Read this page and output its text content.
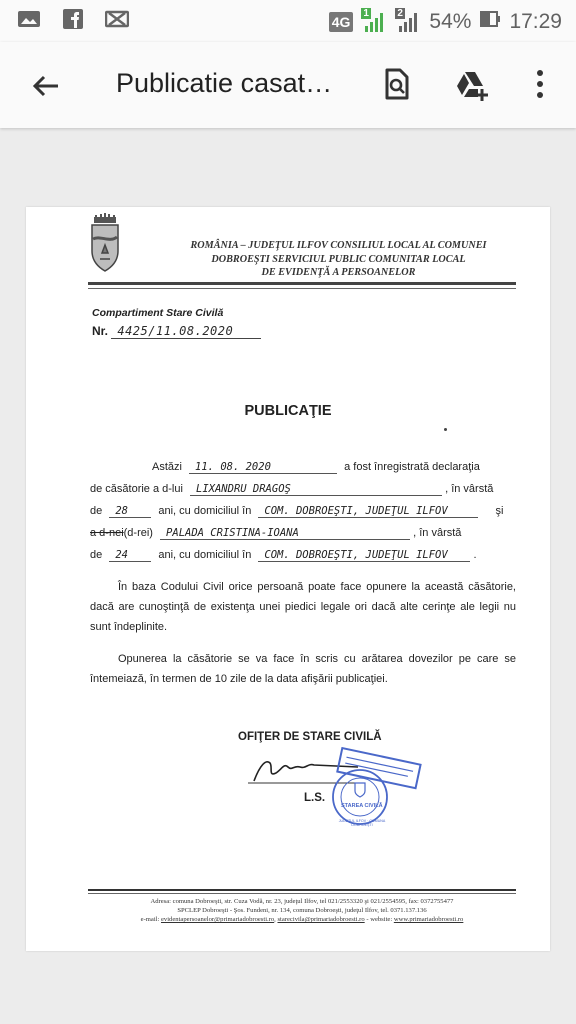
4G
1	2 54% 17:29
Publicatie casat…
ROMÂNIA – JUDEŢUL ILFOV CONSILIUL LOCAL AL COMUNEI
DOBROEŞTI SERVICIUL PUBLIC COMUNITAR LOCAL
DE EVIDENŢĂ A PERSOANELOR
Compartiment Stare Civilă
Nr. 4425/11.08.2020
PUBLICAŢIE
Astăzi 11. 08. 2020	a fost înregistrată declaraţia
de căsătorie a d-lui LIXANDRU DRAGOŞ	, în vârstă
de 28	ani, cu domiciliul în COM. DOBROEŞTI, JUDEŢUL ILFOV	şi
a d-nei(d-rei) PALADA CRISTINA-IOANA	, în vârstă
de 24	ani, cu domiciliul în COM. DOBROEŞTI, JUDEŢUL ILFOV .
În baza Codului Civil orice persoană poate face opunere la această căsătorie, dacă are cunoştinţă de existenţa unei piedici legale ori dacă alte cerinţe ale legii nu sunt îndeplinite.
Opunerea la căsătorie se va face în scris cu arătarea dovezilor pe care se întemeiază, în termen de 10 zile de la data afişării publicaţiei.
OFIŢER DE STARE CIVILĂ
STAREA CIVILĂ
JUDEŢUL ILFOV · COMUNA DOBROEŞTI
L.S.
Adresa: comuna Dobroeşti, str. Cuza Vodă, nr. 23, judeţul Ilfov, tel 021/2553320 şi 021/2554595, fax: 0372755477
SPCLEP Dobroeşti - Şos. Fundeni, nr. 134, comuna Dobroeşti, judeţul Ilfov, tel. 0371.137.136
e-mail: evidentapersoanelor@primariadobroesti.ro, starecivila@primariadobroesti.ro - website: www.primariadobroesti.ro
